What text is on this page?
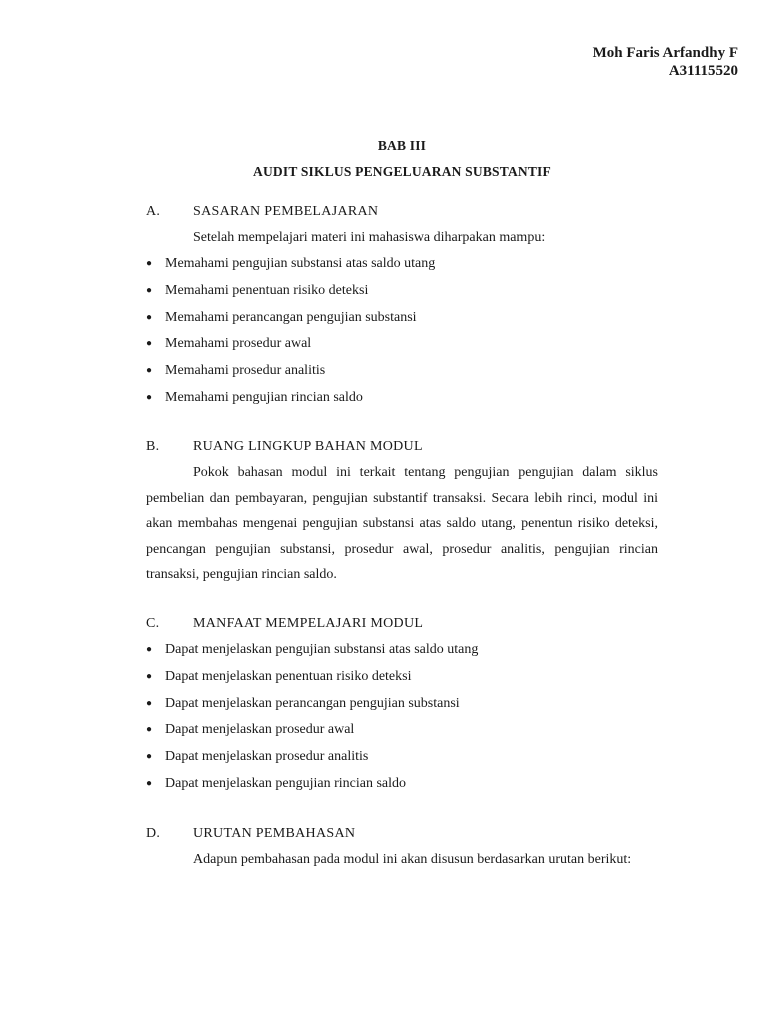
Moh Faris Arfandhy F
A31115520
BAB III
AUDIT SIKLUS PENGELUARAN SUBSTANTIF
A.	SASARAN PEMBELAJARAN
Setelah mempelajari materi ini mahasiswa diharpakan mampu:
● Memahami pengujian substansi atas saldo utang
● Memahami penentuan risiko deteksi
● Memahami perancangan pengujian substansi
● Memahami prosedur awal
● Memahami prosedur analitis
● Memahami pengujian rincian saldo
B.	RUANG LINGKUP BAHAN MODUL

Pokok bahasan modul ini terkait tentang pengujian pengujian dalam siklus pembelian dan pembayaran, pengujian substantif transaksi. Secara lebih rinci, modul ini akan membahas mengenai pengujian substansi atas saldo utang, penentun risiko deteksi, pencangan pengujian substansi, prosedur awal, prosedur analitis, pengujian rincian transaksi, pengujian rincian saldo.

C.	MANFAAT MEMPELAJARI MODUL
● Dapat menjelaskan pengujian substansi atas saldo utang
● Dapat menjelaskan penentuan risiko deteksi
● Dapat menjelaskan perancangan pengujian substansi
● Dapat menjelaskan prosedur awal
● Dapat menjelaskan prosedur analitis
● Dapat menjelaskan pengujian rincian saldo
D.	URUTAN PEMBAHASAN

Adapun pembahasan pada modul ini akan disusun berdasarkan urutan berikut:
